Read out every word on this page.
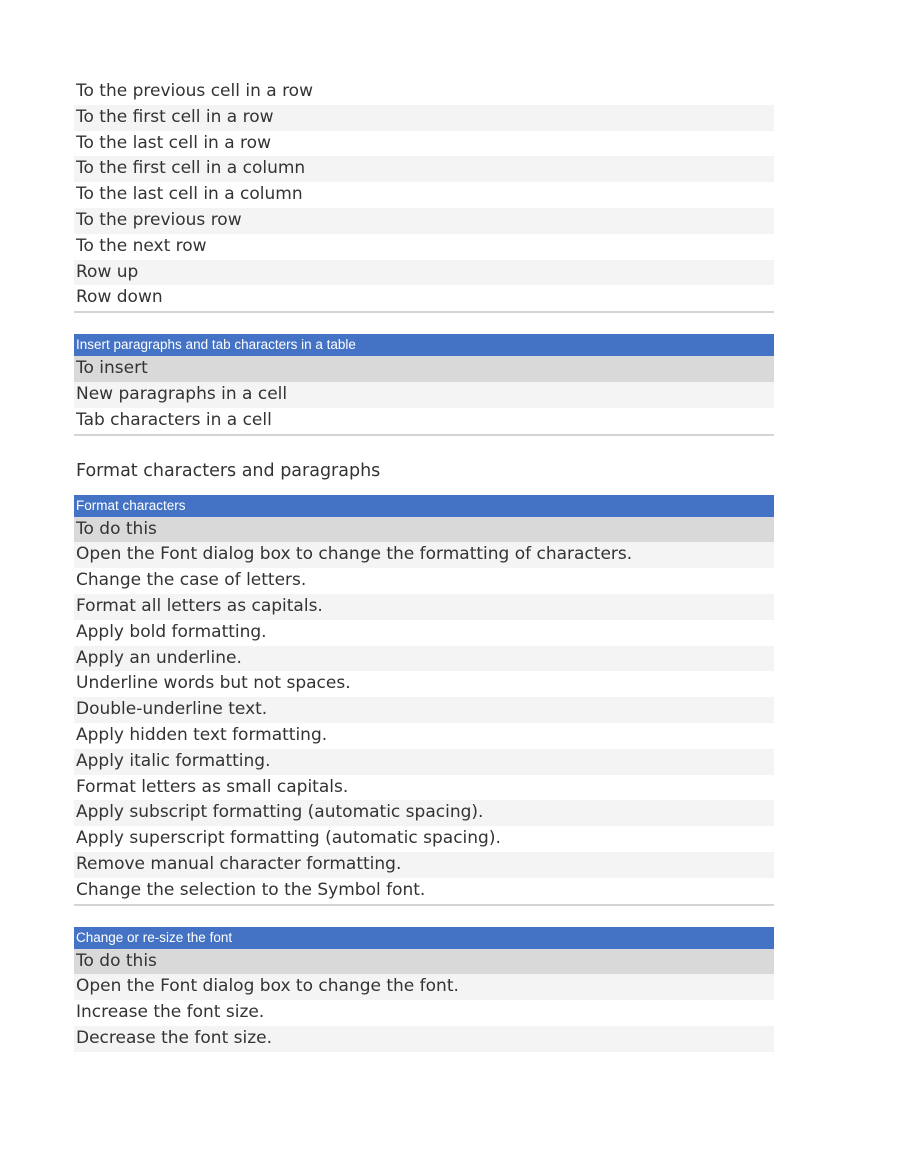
To the previous cell in a row
To the first cell in a row
To the last cell in a row
To the first cell in a column
To the last cell in a column
To the previous row
To the next row
Row up
Row down
Insert paragraphs and tab characters in a table
To insert
New paragraphs in a cell
Tab characters in a cell
Format characters and paragraphs
Format characters
To do this
Open the Font dialog box to change the formatting of characters.
Change the case of letters.
Format all letters as capitals.
Apply bold formatting.
Apply an underline.
Underline words but not spaces.
Double-underline text.
Apply hidden text formatting.
Apply italic formatting.
Format letters as small capitals.
Apply subscript formatting (automatic spacing).
Apply superscript formatting (automatic spacing).
Remove manual character formatting.
Change the selection to the Symbol font.
Change or re-size the font
To do this
Open the Font dialog box to change the font.
Increase the font size.
Decrease the font size.
